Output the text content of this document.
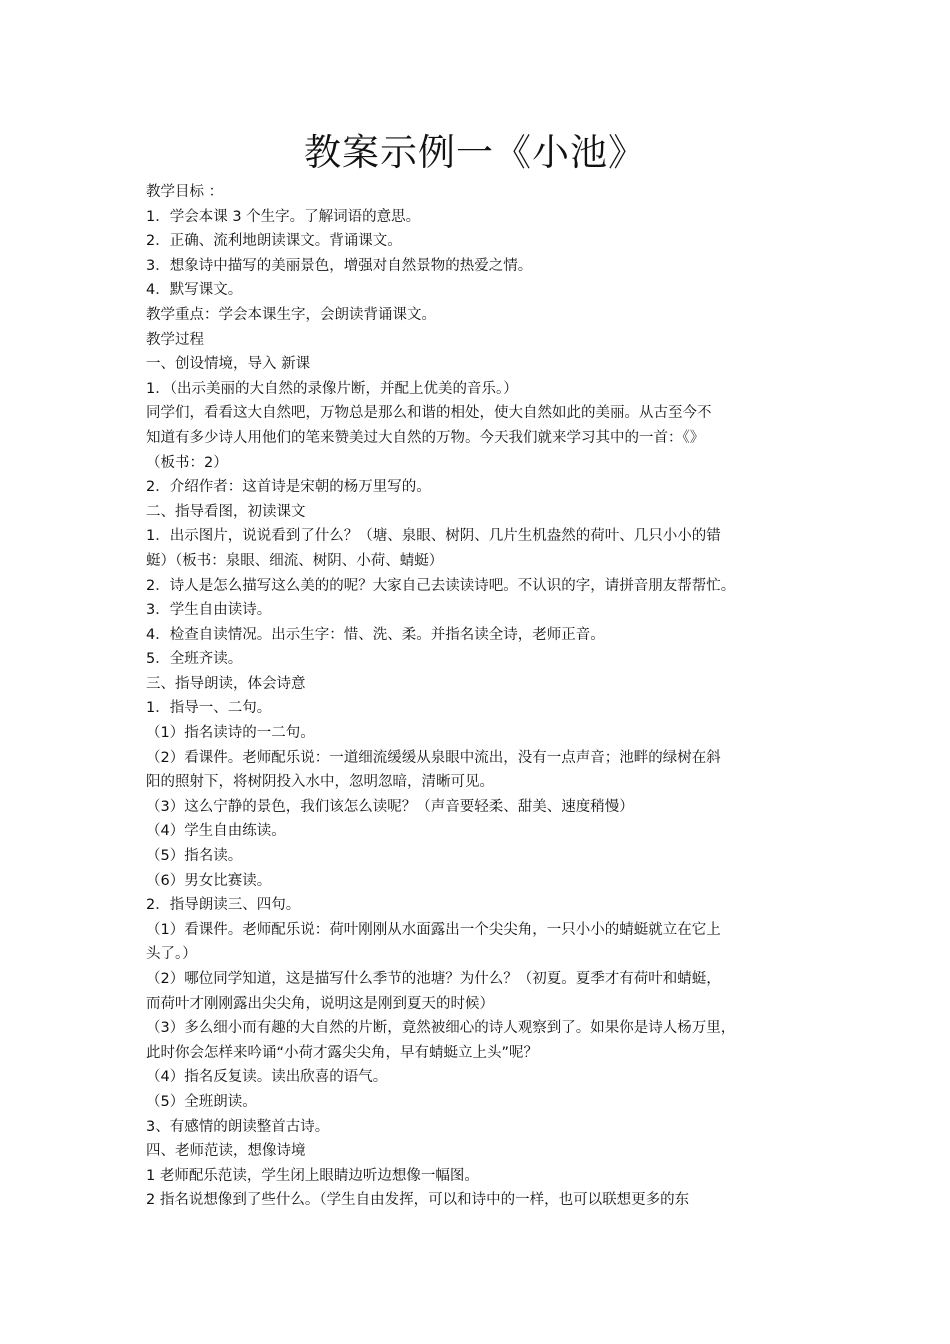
教案示例一《小池》

教学目标 ：

1．学会本课 3 个生字。了解词语的意思。

2．正确、流利地朗读课文。背诵课文。

3．想象诗中描写的美丽景色，增强对自然景物的热爱之情。

4．默写课文。

教学重点：学会本课生字，会朗读背诵课文。

教学过程

一、创设情境，导入 新课

1．（出示美丽的大自然的录像片断，并配上优美的音乐。）

同学们，看看这大自然吧，万物总是那么和谐的相处，使大自然如此的美丽。从古至今不

知道有多少诗人用他们的笔来赞美过大自然的万物。今天我们就来学习其中的一首：《》

（板书：2）

2．介绍作者：这首诗是宋朝的杨万里写的。

二、指导看图，初读课文

1．出示图片，说说看到了什么？（塘、泉眼、树阴、几片生机盎然的荷叶、几只小小的错

蜓）（板书：泉眼、细流、树阴、小荷、蜻蜓）

2．诗人是怎么描写这么美的的呢？大家自己去读读诗吧。不认识的字，请拼音朋友帮帮忙。

3．学生自由读诗。

4．检查自读情况。出示生字：惜、洗、柔。并指名读全诗，老师正音。

5．全班齐读。

三、指导朗读，体会诗意

1．指导一、二句。

（1）指名读诗的一二句。

（2）看课件。老师配乐说：一道细流缓缓从泉眼中流出，没有一点声音；池畔的绿树在斜

阳的照射下，将树阴投入水中，忽明忽暗，清晰可见。

（3）这么宁静的景色，我们该怎么读呢？（声音要轻柔、甜美、速度稍慢）

（4）学生自由练读。

（5）指名读。

（6）男女比赛读。

2．指导朗读三、四句。

（1）看课件。老师配乐说：荷叶刚刚从水面露出一个尖尖角，一只小小的蜻蜓就立在它上

头了。）

（2）哪位同学知道，这是描写什么季节的池塘？为什么？（初夏。夏季才有荷叶和蜻蜓，

而荷叶才刚刚露出尖尖角，说明这是刚到夏天的时候）

（3）多么细小而有趣的大自然的片断，竟然被细心的诗人观察到了。如果你是诗人杨万里，

此时你会怎样来吟诵“小荷才露尖尖角，早有蜻蜓立上头”呢？

（4）指名反复读。读出欣喜的语气。

（5）全班朗读。

3、有感情的朗读整首古诗。

四、老师范读，想像诗境

1 老师配乐范读，学生闭上眼睛边听边想像一幅图。

2 指名说想像到了些什么。（学生自由发挥，可以和诗中的一样，也可以联想更多的东
